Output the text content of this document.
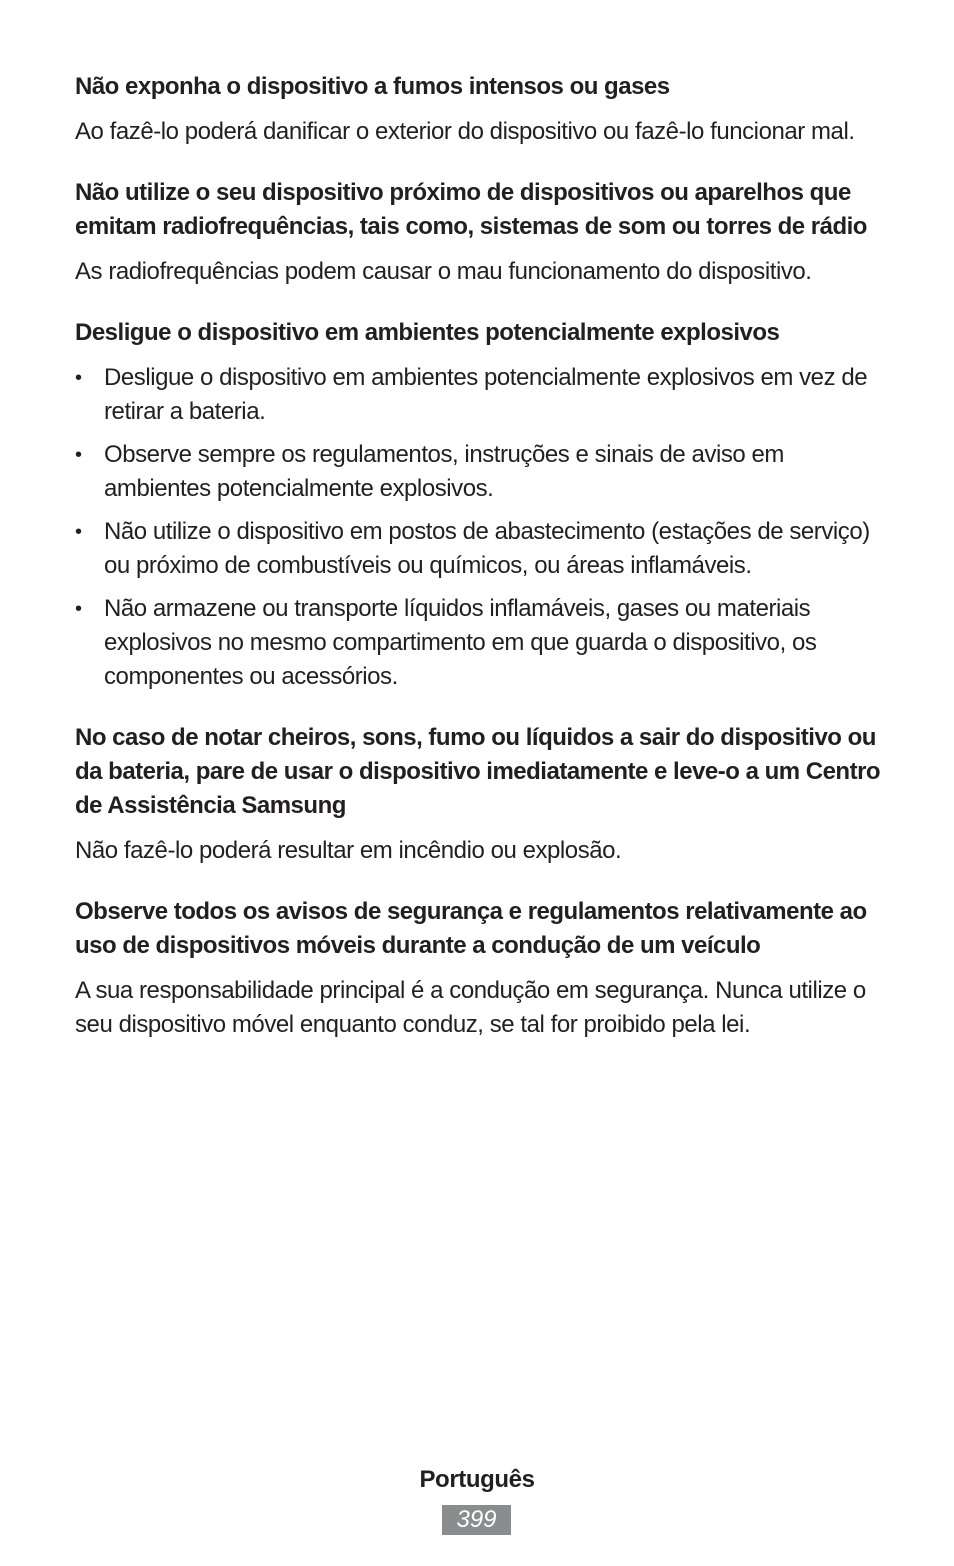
Não exponha o dispositivo a fumos intensos ou gases

Ao fazê-lo poderá danificar o exterior do dispositivo ou fazê-lo funcionar mal.

Não utilize o seu dispositivo próximo de dispositivos ou aparelhos que emitam radiofrequências, tais como, sistemas de som ou torres de rádio

As radiofrequências podem causar o mau funcionamento do dispositivo.

Desligue o dispositivo em ambientes potencialmente explosivos

• Desligue o dispositivo em ambientes potencialmente explosivos em vez de retirar a bateria.
• Observe sempre os regulamentos, instruções e sinais de aviso em ambientes potencialmente explosivos.
• Não utilize o dispositivo em postos de abastecimento (estações de serviço) ou próximo de combustíveis ou químicos, ou áreas inflamáveis.
• Não armazene ou transporte líquidos inflamáveis, gases ou materiais explosivos no mesmo compartimento em que guarda o dispositivo, os componentes ou acessórios.

No caso de notar cheiros, sons, fumo ou líquidos a sair do dispositivo ou da bateria, pare de usar o dispositivo imediatamente e leve-o a um Centro de Assistência Samsung

Não fazê-lo poderá resultar em incêndio ou explosão.

Observe todos os avisos de segurança e regulamentos relativamente ao uso de dispositivos móveis durante a condução de um veículo

A sua responsabilidade principal é a condução em segurança. Nunca utilize o seu dispositivo móvel enquanto conduz, se tal for proibido pela lei.

Português
399
